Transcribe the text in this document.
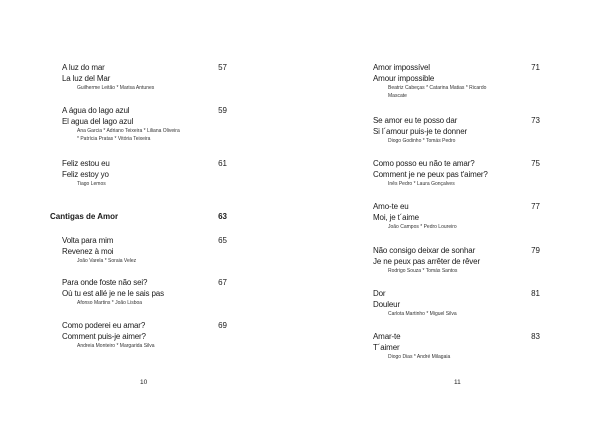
A luz do mar
La luz del Mar
Guilherme Leitão * Marisa Antunes
57
A água do lago azul
El agua del lago azul
Ana Garcia * Adriano Teixeira * Liliana Oliveira
* Patrícia Pratas * Vitória Teixeira
59
Feliz estou eu
Feliz estoy yo
Tiago Lemos
61
Cantigas de Amor	63
Volta para mim
Revenez à moi
João Varela * Soraia Velez
65
Para onde foste não sei?
Où tu est allé je ne le sais pas
Afonso Martins * João Lisboa
67
Como poderei eu amar?
Comment puis-je aimer?
Andreia Monteiro * Margarida Silva
69
10
Amor impossível
Amour impossible
Beatriz Cabeças * Catarina Matias * Ricardo
Mascate
71
Se amor eu te posso dar
Si l´amour puis-je te donner
Diogo Godinho * Tomás Pedro
73
Como posso eu não te amar?
Comment je ne peux pas t'aimer?
Inês Pedro * Laura Gonçalves
75
Amo-te eu
Moi, je t´aime
João Campos * Pedro Loureiro
77
Não consigo deixar de sonhar
Je ne peux pas arrêter de rêver
Rodrigo Souza * Tomás Santos
79
Dor
Douleur
Carlota Martinho * Miguel Silva
81
Amar-te
T´aimer
Diogo Dias * André Milagaia
83
11
